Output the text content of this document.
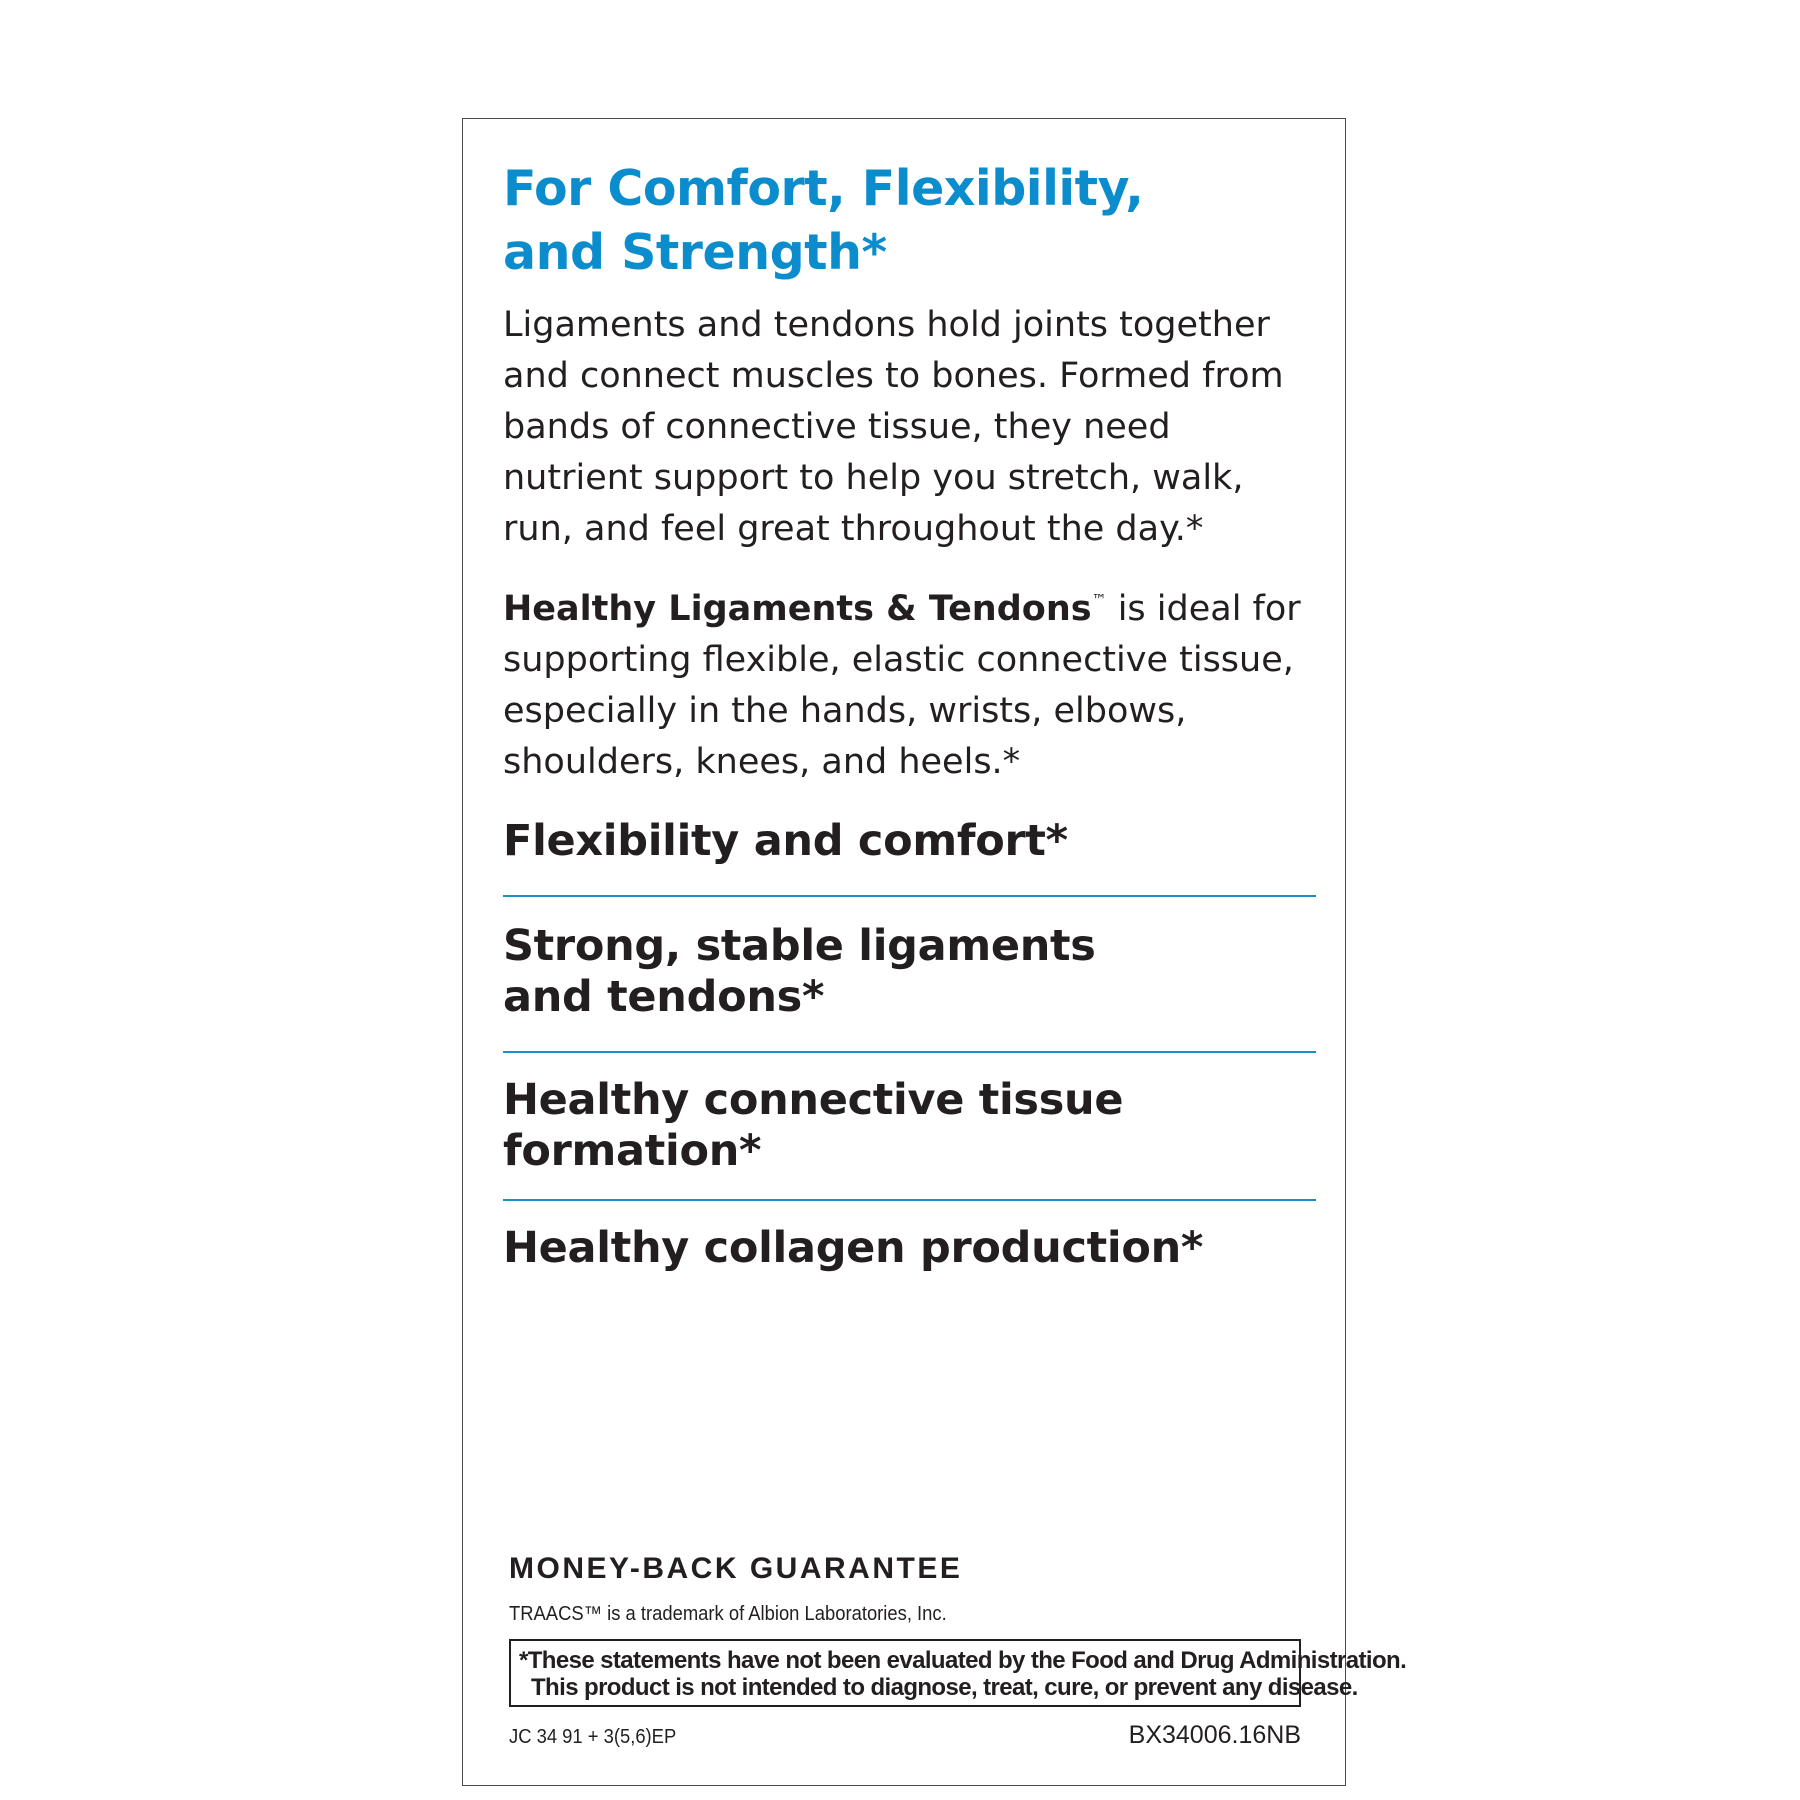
For Comfort, Flexibility,
and Strength*

Ligaments and tendons hold joints together and connect muscles to bones. Formed from bands of connective tissue, they need nutrient support to help you stretch, walk, run, and feel great throughout the day.*

Healthy Ligaments & Tendons™ is ideal for supporting flexible, elastic connective tissue, especially in the hands, wrists, elbows, shoulders, knees, and heels.*

Flexibility and comfort*
Strong, stable ligaments
and tendons*
Healthy connective tissue formation*
Healthy collagen production*
MONEY-BACK GUARANTEE
TRAACS™ is a trademark of Albion Laboratories, Inc.
*These statements have not been evaluated by the Food and Drug Administration.
This product is not intended to diagnose, treat, cure, or prevent any disease.
JC 34 91 + 3(5,6)EP	BX34006.16NB
